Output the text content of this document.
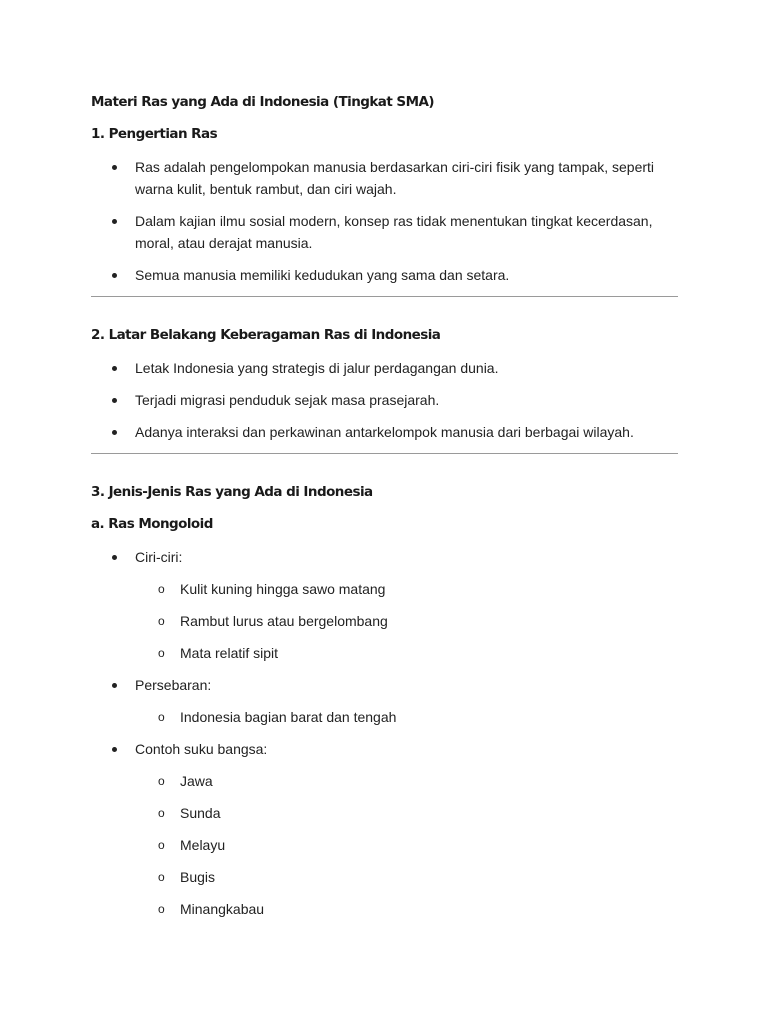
Materi Ras yang Ada di Indonesia (Tingkat SMA)

1. Pengertian Ras

Ras adalah pengelompokan manusia berdasarkan ciri-ciri fisik yang tampak, seperti warna kulit, bentuk rambut, dan ciri wajah.
Dalam kajian ilmu sosial modern, konsep ras tidak menentukan tingkat kecerdasan, moral, atau derajat manusia.
Semua manusia memiliki kedudukan yang sama dan setara.

2. Latar Belakang Keberagaman Ras di Indonesia

Letak Indonesia yang strategis di jalur perdagangan dunia.
Terjadi migrasi penduduk sejak masa prasejarah.
Adanya interaksi dan perkawinan antarkelompok manusia dari berbagai wilayah.

3. Jenis-Jenis Ras yang Ada di Indonesia

a. Ras Mongoloid

Ciri-ciri:
o Kulit kuning hingga sawo matang
o Rambut lurus atau bergelombang
o Mata relatif sipit
Persebaran:
o Indonesia bagian barat dan tengah
Contoh suku bangsa:
o Jawa
o Sunda
o Melayu
o Bugis
o Minangkabau
